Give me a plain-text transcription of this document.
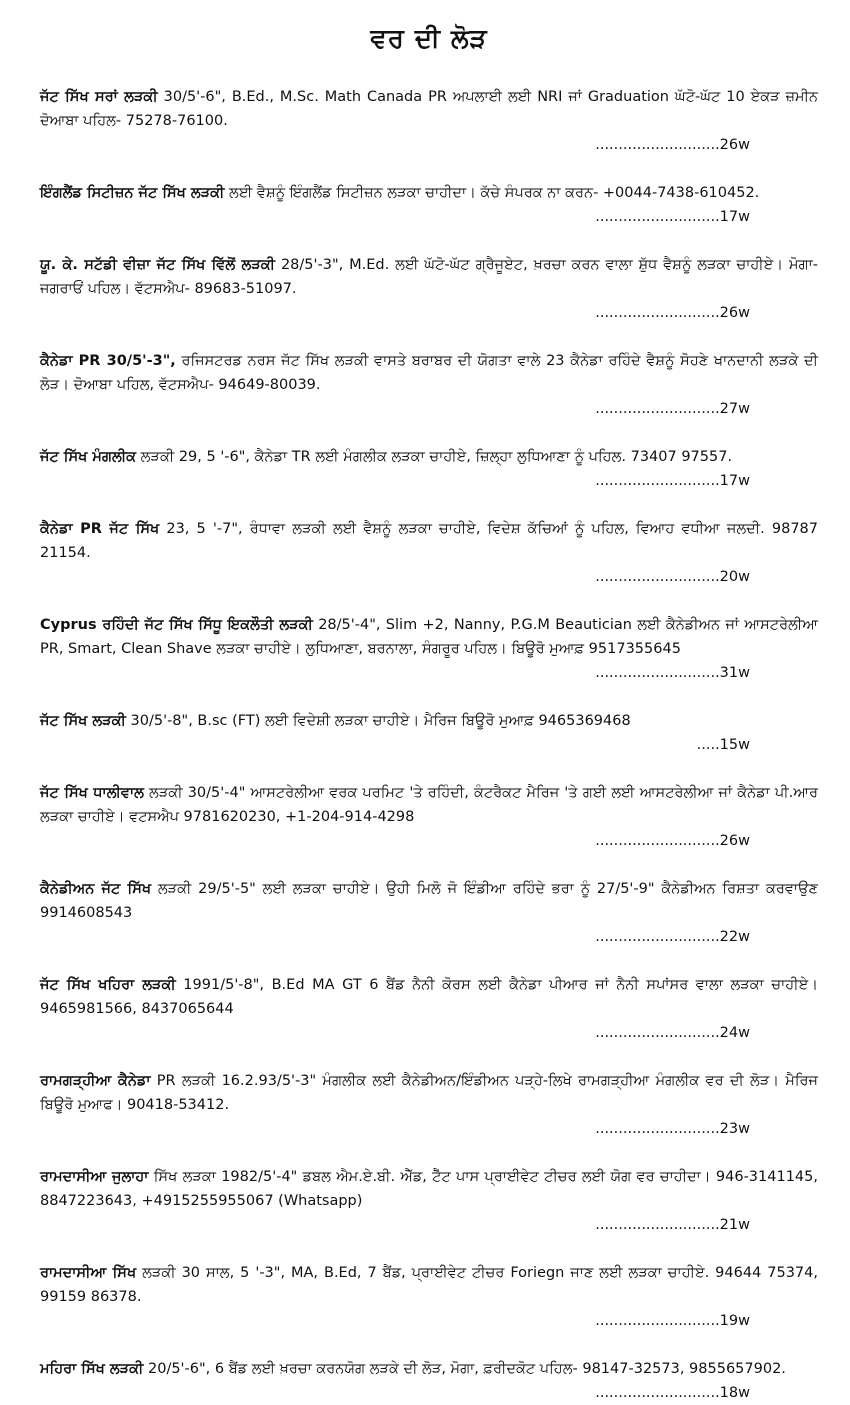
ਵਰ ਦੀ ਲੋੜ
ਜੱਟ ਸਿੱਖ ਸਰਾਂ ਲੜਕੀ 30/5'-6", B.Ed., M.Sc. Math Canada PR ਅਪਲਾਈ ਲਈ NRI ਜਾਂ Graduation ਘੱਟੋ-ਘੱਟ 10 ਏਕੜ ਜ਼ਮੀਨ ਦੋਆਬਾ ਪਹਿਲ- 75278-76100.
...........................26w
ਇੰਗਲੈਂਡ ਸਿਟੀਜ਼ਨ ਜੱਟ ਸਿੱਖ ਲੜਕੀ ਲਈ ਵੈਸ਼ਨੂੰ ਇੰਗਲੈਂਡ ਸਿਟੀਜ਼ਨ ਲੜਕਾ ਚਾਹੀਦਾ। ਕੱਚੇ ਸੰਪਰਕ ਨਾ ਕਰਨ- +0044-7438-610452.
...........................17w
ਯੂ. ਕੇ. ਸਟੱਡੀ ਵੀਜ਼ਾ ਜੱਟ ਸਿੱਖ ਵਿੱਲੋਂ ਲੜਕੀ 28/5'-3", M.Ed. ਲਈ ਘੱਟੋ-ਘੱਟ ਗ੍ਰੈਜੂਏਟ, ਖ਼ਰਚਾ ਕਰਨ ਵਾਲਾ ਸ਼ੁੱਧ ਵੈਸ਼ਨੂੰ ਲੜਕਾ ਚਾਹੀਏ। ਮੋਗਾ- ਜਗਰਾਓਂ ਪਹਿਲ। ਵੱਟਸਐਪ- 89683-51097.
...........................26w
ਕੈਨੇਡਾ PR 30/5'-3", ਰਜਿਸਟਰਡ ਨਰਸ ਜੱਟ ਸਿੱਖ ਲੜਕੀ ਵਾਸਤੇ ਬਰਾਬਰ ਦੀ ਯੋਗਤਾ ਵਾਲੇ 23 ਕੈਨੇਡਾ ਰਹਿੰਦੇ ਵੈਸ਼ਨੂੰ ਸੋਹਣੇ ਖਾਨਦਾਨੀ ਲੜਕੇ ਦੀ ਲੋੜ। ਦੋਆਬਾ ਪਹਿਲ, ਵੱਟਸਐਪ- 94649-80039.
...........................27w
ਜੱਟ ਸਿੱਖ ਮੰਗਲੀਕ ਲੜਕੀ 29, 5 '-6", ਕੈਨੇਡਾ TR ਲਈ ਮੰਗਲੀਕ ਲੜਕਾ ਚਾਹੀਏ, ਜ਼ਿਲ੍ਹਾ ਲੁਧਿਆਣਾ ਨੂੰ ਪਹਿਲ. 73407 97557.
...........................17w
ਕੈਨੇਡਾ PR ਜੱਟ ਸਿੱਖ 23, 5 '-7", ਰੰਧਾਵਾ ਲੜਕੀ ਲਈ ਵੈਸ਼ਨੂੰ ਲੜਕਾ ਚਾਹੀਏ, ਵਿਦੇਸ਼ ਕੱਚਿਆਂ ਨੂੰ ਪਹਿਲ, ਵਿਆਹ ਵਧੀਆ ਜਲਦੀ. 98787 21154.
...........................20w
Cyprus ਰਹਿੰਦੀ ਜੱਟ ਸਿੱਖ ਸਿੱਧੂ ਇਕਲੌਤੀ ਲੜਕੀ 28/5'-4", Slim +2, Nanny, P.G.M Beautician ਲਈ ਕੈਨੇਡੀਅਨ ਜਾਂ ਆਸਟਰੇਲੀਆ PR, Smart, Clean Shave ਲੜਕਾ ਚਾਹੀਏ। ਲੁਧਿਆਣਾ, ਬਰਨਾਲਾ, ਸੰਗਰੂਰ ਪਹਿਲ। ਬਿਊਰੋ ਮੁਆਫ਼ 9517355645
...........................31w
ਜੱਟ ਸਿੱਖ ਲੜਕੀ 30/5'-8", B.sc (FT) ਲਈ ਵਿਦੇਸ਼ੀ ਲੜਕਾ ਚਾਹੀਏ। ਮੈਰਿਜ ਬਿਊਰੋ ਮੁਆਫ਼ 9465369468
.....15w
ਜੱਟ ਸਿੱਖ ਧਾਲੀਵਾਲ ਲੜਕੀ 30/5'-4" ਆਸਟਰੇਲੀਆ ਵਰਕ ਪਰਮਿਟ 'ਤੇ ਰਹਿੰਦੀ, ਕੰਟਰੈਕਟ ਮੈਰਿਜ 'ਤੇ ਗਈ ਲਈ ਆਸਟਰੇਲੀਆ ਜਾਂ ਕੈਨੇਡਾ ਪੀ.ਆਰ ਲੜਕਾ ਚਾਹੀਏ। ਵਟਸਐਪ 9781620230, +1-204-914-4298
...........................26w
ਕੈਨੇਡੀਅਨ ਜੱਟ ਸਿੱਖ ਲੜਕੀ 29/5'-5" ਲਈ ਲੜਕਾ ਚਾਹੀਏ। ਉਹੀ ਮਿਲੋ ਜੋ ਇੰਡੀਆ ਰਹਿੰਦੇ ਭਰਾ ਨੂੰ 27/5'-9" ਕੈਨੇਡੀਅਨ ਰਿਸ਼ਤਾ ਕਰਵਾਉਣ 9914608543
...........................22w
ਜੱਟ ਸਿੱਖ ਖਹਿਰਾ ਲੜਕੀ 1991/5'-8", B.Ed MA GT 6 ਬੈਂਡ ਨੈਨੀ ਕੋਰਸ ਲਈ ਕੈਨੇਡਾ ਪੀਆਰ ਜਾਂ ਨੈਨੀ ਸਪਾਂਸਰ ਵਾਲਾ ਲੜਕਾ ਚਾਹੀਏ। 9465981566, 8437065644
...........................24w
ਰਾਮਗੜ੍ਹੀਆ ਕੈਨੇਡਾ PR ਲੜਕੀ 16.2.93/5'-3" ਮੰਗਲੀਕ ਲਈ ਕੈਨੇਡੀਅਨ/ਇੰਡੀਅਨ ਪੜ੍ਹੇ-ਲਿਖੇ ਰਾਮਗੜ੍ਹੀਆ ਮੰਗਲੀਕ ਵਰ ਦੀ ਲੋੜ। ਮੈਰਿਜ ਬਿਊਰੋ ਮੁਆਫ। 90418-53412.
...........................23w
ਰਾਮਦਾਸੀਆ ਜੁਲਾਹਾ ਸਿੱਖ ਲੜਕਾ 1982/5'-4" ਡਬਲ ਐਮ.ਏ.ਬੀ. ਐੱਡ, ਟੈੱਟ ਪਾਸ ਪ੍ਰਾਈਵੇਟ ਟੀਚਰ ਲਈ ਯੋਗ ਵਰ ਚਾਹੀਦਾ। 946-3141145, 8847223643, +4915255955067 (Whatsapp)
...........................21w
ਰਾਮਦਾਸੀਆ ਸਿੱਖ ਲੜਕੀ 30 ਸਾਲ, 5 '-3", MA, B.Ed, 7 ਬੈਂਡ, ਪ੍ਰਾਈਵੇਟ ਟੀਚਰ Foriegn ਜਾਣ ਲਈ ਲੜਕਾ ਚਾਹੀਏ. 94644 75374, 99159 86378.
...........................19w
ਮਹਿਰਾ ਸਿੱਖ ਲੜਕੀ 20/5'-6", 6 ਬੈਂਡ ਲਈ ਖ਼ਰਚਾ ਕਰਨਯੋਗ ਲੜਕੇ ਦੀ ਲੋੜ, ਮੋਗਾ, ਫ਼ਰੀਦਕੋਟ ਪਹਿਲ- 98147-32573, 9855657902.
...........................18w
